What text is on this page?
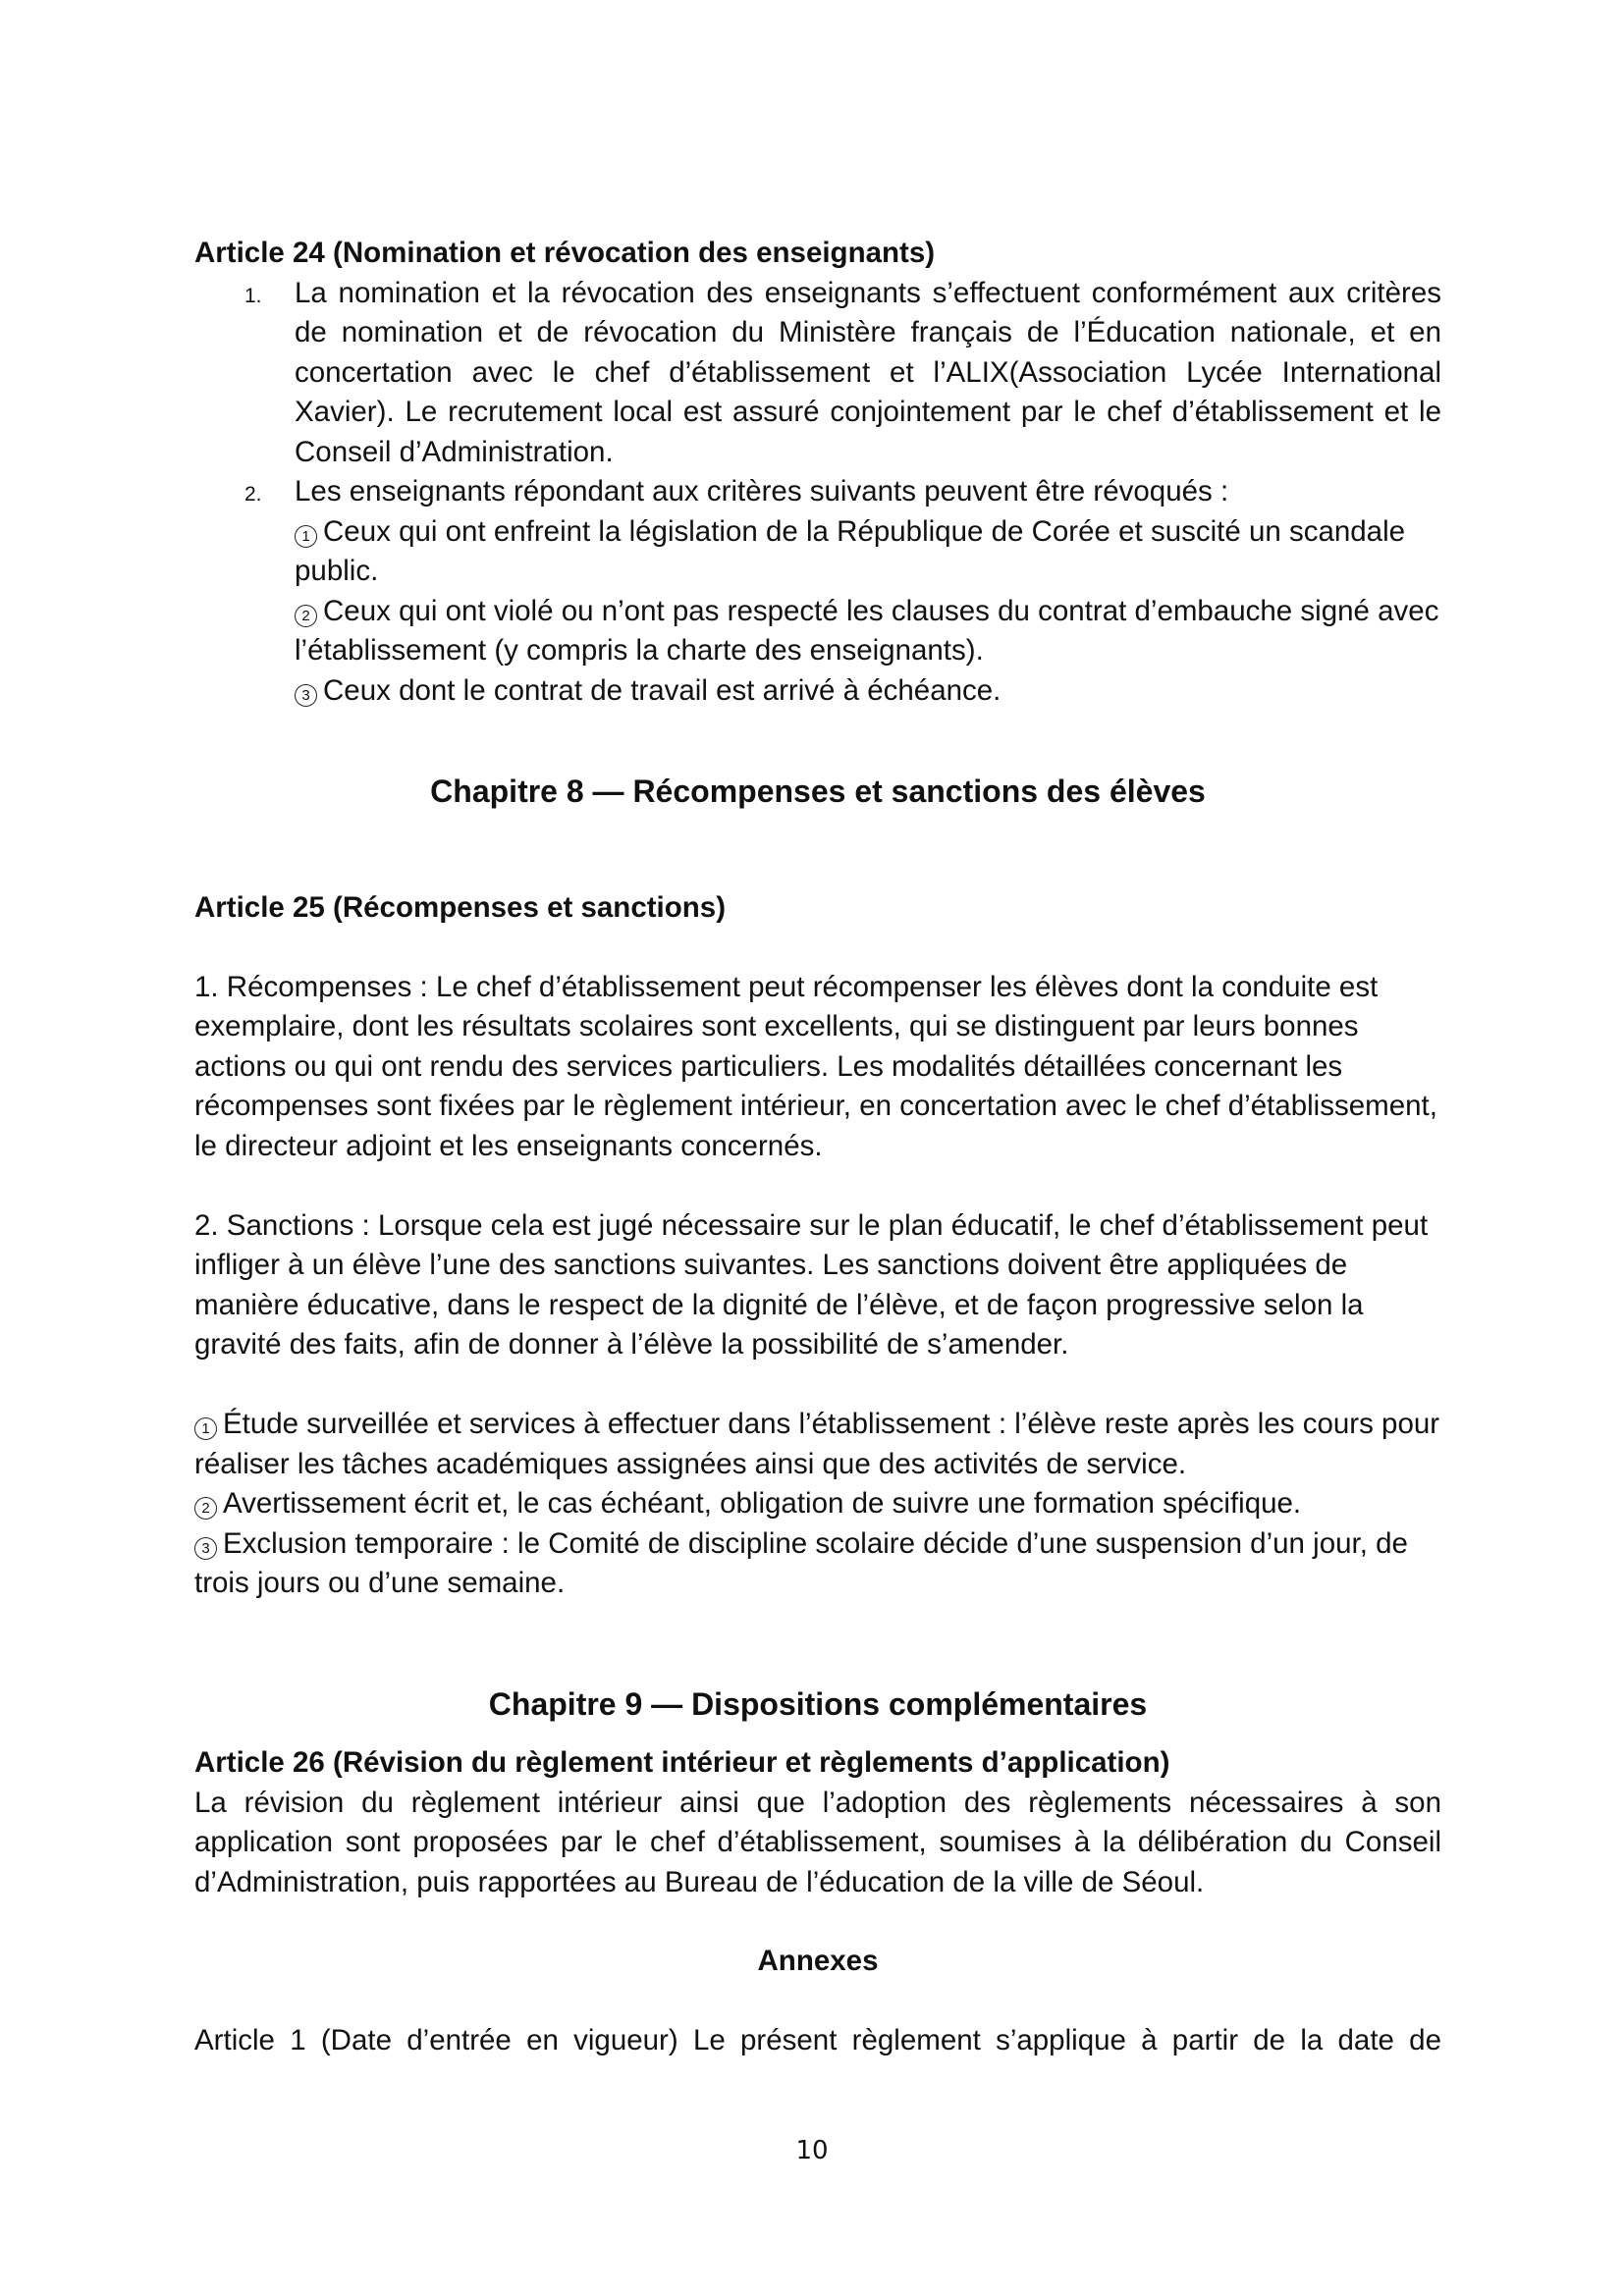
Article 24 (Nomination et révocation des enseignants)

1. La nomination et la révocation des enseignants s’effectuent conformément aux critères de nomination et de révocation du Ministère français de l’Éducation nationale, et en concertation avec le chef d’établissement et l’ALIX(Association Lycée International Xavier). Le recrutement local est assuré conjointement par le chef d’établissement et le Conseil d’Administration.
2. Les enseignants répondant aux critères suivants peuvent être révoqués :

1 Ceux qui ont enfreint la législation de la République de Corée et suscité un scandale public.

2 Ceux qui ont violé ou n’ont pas respecté les clauses du contrat d’embauche signé avec l’établissement (y compris la charte des enseignants).

3 Ceux dont le contrat de travail est arrivé à échéance.

Chapitre 8 — Récompenses et sanctions des élèves

Article 25 (Récompenses et sanctions)

1. Récompenses : Le chef d’établissement peut récompenser les élèves dont la conduite est exemplaire, dont les résultats scolaires sont excellents, qui se distinguent par leurs bonnes actions ou qui ont rendu des services particuliers. Les modalités détaillées concernant les récompenses sont fixées par le règlement intérieur, en concertation avec le chef d’établissement, le directeur adjoint et les enseignants concernés.

2. Sanctions : Lorsque cela est jugé nécessaire sur le plan éducatif, le chef d’établissement peut infliger à un élève l’une des sanctions suivantes. Les sanctions doivent être appliquées de manière éducative, dans le respect de la dignité de l’élève, et de façon progressive selon la gravité des faits, afin de donner à l’élève la possibilité de s’amender.

1 Étude surveillée et services à effectuer dans l’établissement : l’élève reste après les cours pour réaliser les tâches académiques assignées ainsi que des activités de service.

2 Avertissement écrit et, le cas échéant, obligation de suivre une formation spécifique.

3 Exclusion temporaire : le Comité de discipline scolaire décide d’une suspension d’un jour, de trois jours ou d’une semaine.

Chapitre 9 — Dispositions complémentaires

Article 26 (Révision du règlement intérieur et règlements d’application)

La révision du règlement intérieur ainsi que l’adoption des règlements nécessaires à son application sont proposées par le chef d’établissement, soumises à la délibération du Conseil d’Administration, puis rapportées au Bureau de l’éducation de la ville de Séoul.

Annexes

Article 1 (Date d’entrée en vigueur) Le présent règlement s’applique à partir de la date de

10
